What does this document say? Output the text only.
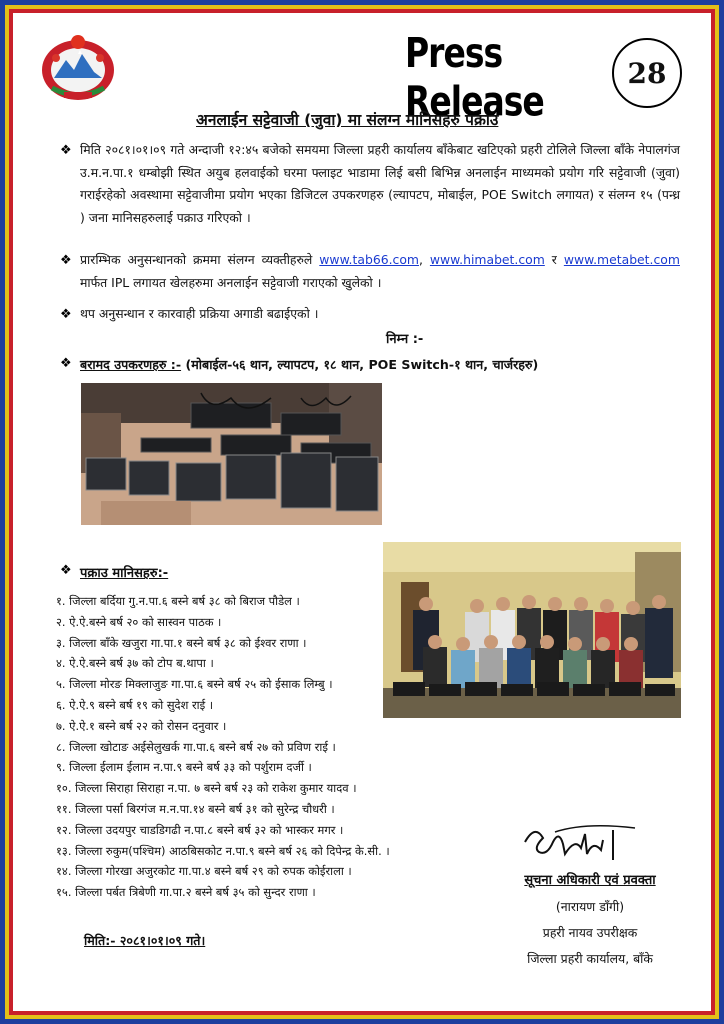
Press Release
28
अनलाईन सट्टेवाजी (जुवा) मा संलग्न मानिसहरु पक्राउ
❖ मिति २०८१।०१।०९ गते अन्दाजी १२:४५ बजेको समयमा जिल्ला प्रहरी कार्यालय बाँकेबाट खटिएको प्रहरी टोलिले जिल्ला बाँके नेपालगंज उ.म.न.पा.१ धम्बोझी स्थित अयुब हलवाईको घरमा फ्लाइट भाडामा लिई बसी बिभिन्न अनलाईन माध्यमको प्रयोग गरि सट्टेवाजी (जुवा) गराईरहेको अवस्थामा सट्टेवाजीमा प्रयोग भएका डिजिटल उपकरणहरु (ल्यापटप, मोबाईल, POE Switch लगायत) र संलग्न १५ (पन्ध्र ) जना मानिसहरुलाई पक्राउ गरिएको ।
❖ प्रारम्भिक अनुसन्धानको क्रममा संलग्न व्यक्तीहरुले www.tab66.com, www.himabet.com र www.metabet.com मार्फत IPL लगायत खेलहरुमा अनलाईन सट्टेवाजी गराएको खुलेको ।
❖ थप अनुसन्धान र कारवाही प्रक्रिया अगाडी बढाईएको ।
निम्न :-
❖ बरामद उपकरणहरु :- (मोबाईल-५६ थान, ल्यापटप, १८ थान, POE Switch-१ थान, चार्जरहरु)
❖ पक्राउ मानिसहरु:-
१. जिल्ला बर्दिया गु.न.पा.६ बस्ने बर्ष ३८ को बिराज पौडेल ।
२. ऐ.ऐ.बस्ने बर्ष २० को सास्वन पाठक ।
३. जिल्ला बाँके खजुरा गा.पा.१ बस्ने बर्ष ३८ को ईश्वर राणा ।
४. ऐ.ऐ.बस्ने बर्ष ३७ को टोप ब.थापा ।
५. जिल्ला मोरङ मिक्लाजुङ गा.पा.६ बस्ने बर्ष २५ को ईसाक लिम्बु ।
६. ऐ.ऐ.९ बस्ने बर्ष १९ को सुदेश राई ।
७. ऐ.ऐ.१ बस्ने बर्ष २२ को रोसन दनुवार ।
८. जिल्ला खोटाङ अईसेलुखर्क गा.पा.६ बस्ने बर्ष २७ को प्रविण राई ।
९. जिल्ला ईलाम ईलाम न.पा.९ बस्ने बर्ष ३३ को पर्शुराम दर्जी ।
१०. जिल्ला सिराहा सिराहा न.पा. ७ बस्ने बर्ष २३ को राकेश कुमार यादव ।
११. जिल्ला पर्सा बिरगंज म.न.पा.१४ बस्ने बर्ष ३१ को सुरेन्द्र चौधरी ।
१२. जिल्ला उदयपुर चाडडिगढी न.पा.८ बस्ने बर्ष ३२ को भास्कर मगर ।
१३. जिल्ला रुकुम(पश्चिम) आठबिसकोट न.पा.९ बस्ने बर्ष २६ को दिपेन्द्र के.सी. ।
१४. जिल्ला गोरखा अजुरकोट गा.पा.४ बस्ने बर्ष २९ को रुपक कोईराला ।
१५. जिल्ला पर्बत त्रिबेणी गा.पा.२ बस्ने बर्ष ३५ को सुन्दर राणा ।
मिति:- २०८१।०१।०९ गते।
सूचना अधिकारी एवं प्रवक्ता
(नारायण डाँगी)
प्रहरी नायव उपरीक्षक
जिल्ला प्रहरी कार्यालय, बाँके
